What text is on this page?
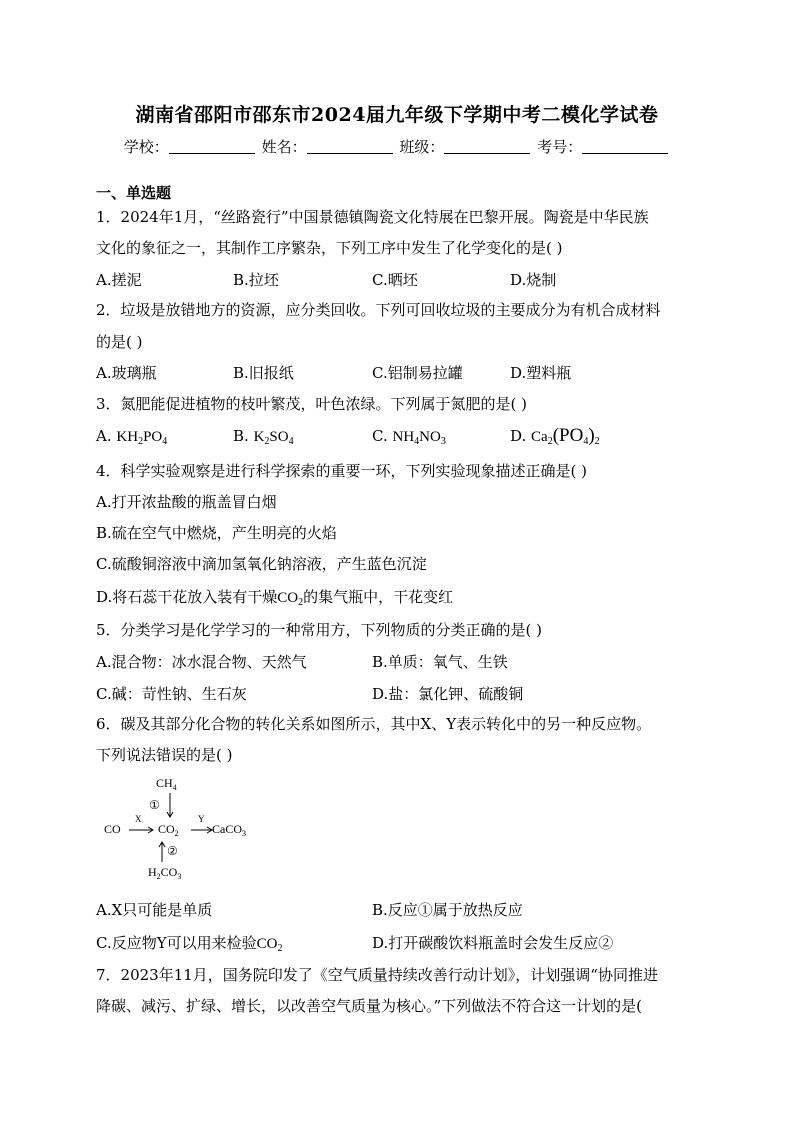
湖南省邵阳市邵东市2024届九年级下学期中考二模化学试卷
学校：	姓名：	班级：	考号：
一、单选题
1．2024年1月，“丝路瓷行”中国景德镇陶瓷文化特展在巴黎开展。陶瓷是中华民族
文化的象征之一，其制作工序繁杂，下列工序中发生了化学变化的是( )
A.搓泥	B.拉坯	C.晒坯	D.烧制
2．垃圾是放错地方的资源，应分类回收。下列可回收垃圾的主要成分为有机合成材料
的是( )
A.玻璃瓶	B.旧报纸	C.铝制易拉罐	D.塑料瓶
3．氮肥能促进植物的枝叶繁茂，叶色浓绿。下列属于氮肥的是( )
A. $KH_2PO_4$	B. $K_2SO_4$	C. $NH_4NO_3$	D. $Ca_2(PO_4)_2$
4．科学实验观察是进行科学探索的重要一环，下列实验现象描述正确是( )
A.打开浓盐酸的瓶盖冒白烟
B.硫在空气中燃烧，产生明亮的火焰
C.硫酸铜溶液中滴加氢氧化钠溶液，产生蓝色沉淀
D.将石蕊干花放入装有干燥$CO_2$的集气瓶中，干花变红
5．分类学习是化学学习的一种常用方，下列物质的分类正确的是( )
A.混合物：冰水混合物、天然气	B.单质：氧气、生铁
C.碱：苛性钠、生石灰	D.盐：氯化钾、硫酸铜
6．碳及其部分化合物的转化关系如图所示，其中X、Y表示转化中的另一种反应物。
下列说法错误的是( )
$CH_4$
①
CO
X
$CO_2$
Y
CaCO$_3$
②
$H_2CO_3$
A.X只可能是单质	B.反应①属于放热反应
C.反应物Y可以用来检验$CO_2$	D.打开碳酸饮料瓶盖时会发生反应②
7．2023年11月，国务院印发了《空气质量持续改善行动计划》，计划强调“协同推进
降碳、减污、扩绿、增长，以改善空气质量为核心。”下列做法不符合这一计划的是(
